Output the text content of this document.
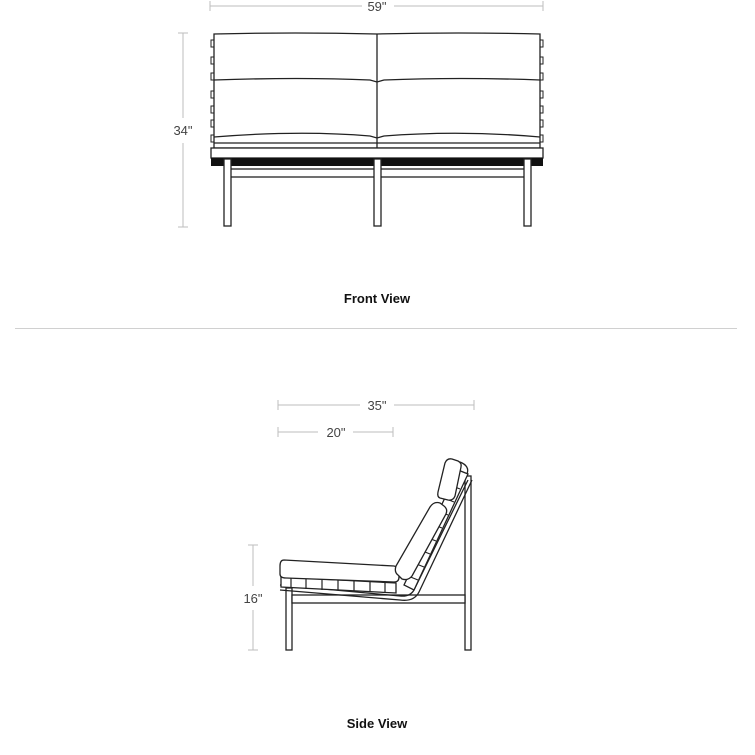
59"
34"
35"
20"
16"
Front View
Side View
